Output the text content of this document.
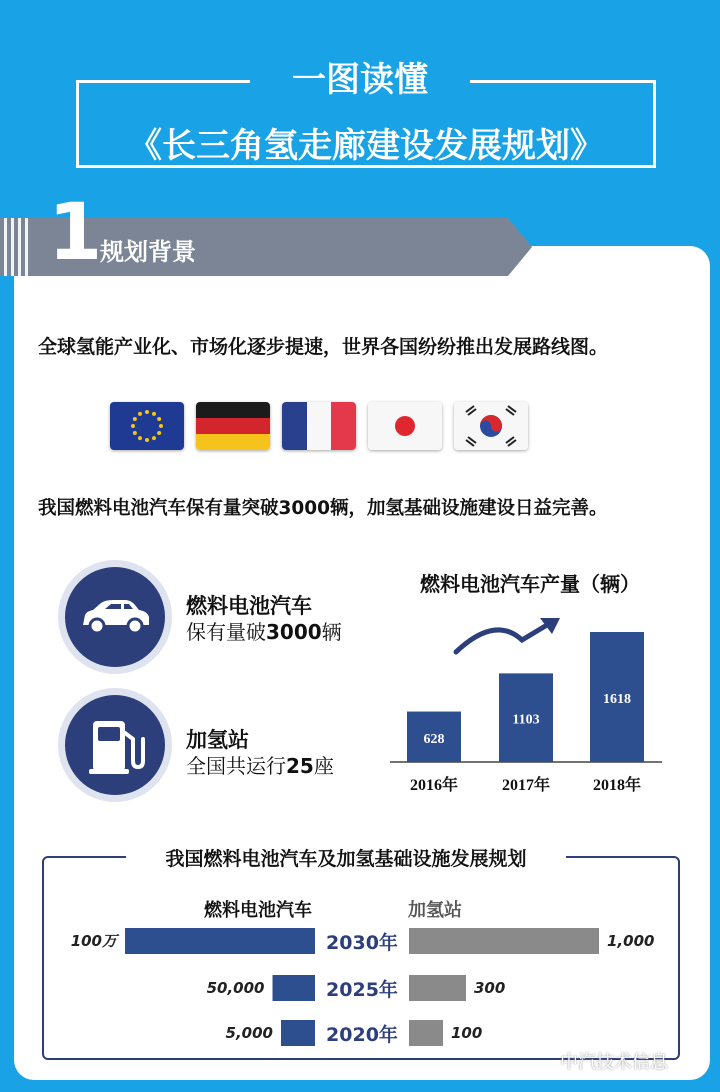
一图读懂
《长三角氢走廊建设发展规划》
1
规划背景
全球氢能产业化、市场化逐步提速，世界各国纷纷推出发展路线图。
我国燃料电池汽车保有量突破3000辆，加氢基础设施建设日益完善。
燃料电池汽车
保有量破3000辆
加氢站
全国共运行25座
燃料电池汽车产量（辆）
628
2016年
1103
2017年
1618
2018年
我国燃料电池汽车及加氢基础设施发展规划
燃料电池汽车	加氢站
100万	2030年	1,000
50,000	2025年	300
5,000	2020年	100
中汽技术信息
